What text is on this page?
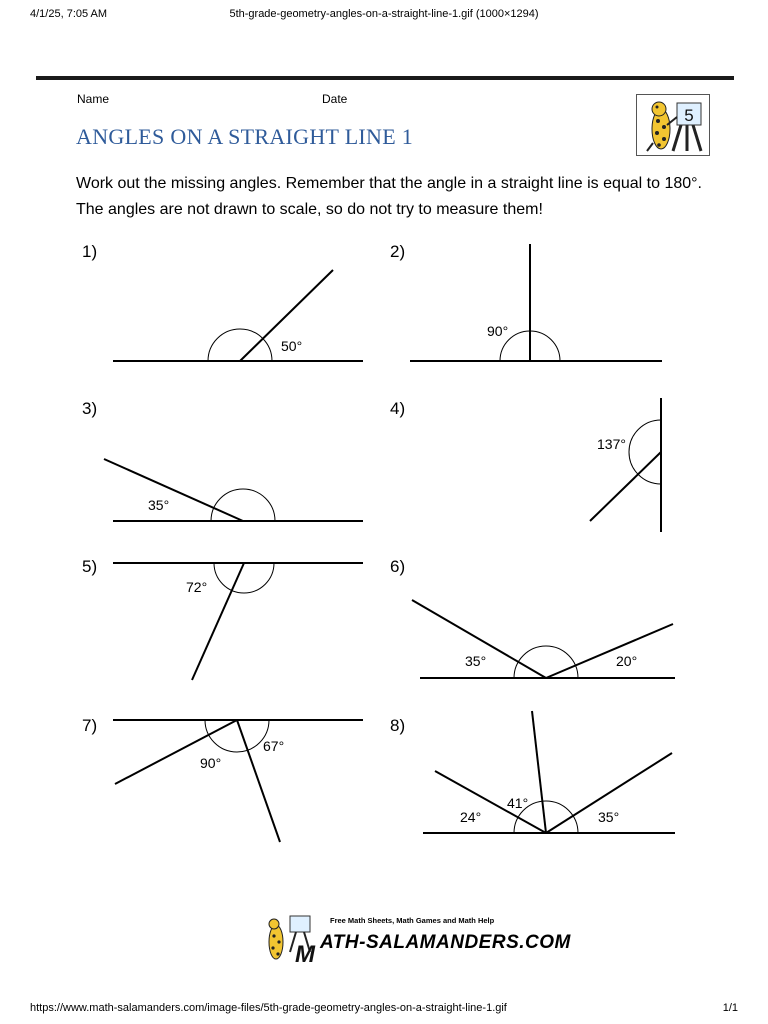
4/1/25, 7:05 AM	5th-grade-geometry-angles-on-a-straight-line-1.gif (1000×1294)
Name	Date
5
ANGLES ON A STRAIGHT LINE 1

Work out the missing angles. Remember that the angle in a straight line is equal to 180°. The angles are not drawn to scale, so do not try to measure them!

1)	2)
3)	4)
5)	6)
7)	8)
50°
90°
35°
137°
72°
35°	20°
90°
67°
24°
41°
35°
M
Free Math Sheets, Math Games and Math Help
ATH-SALAMANDERS.COM
https://www.math-salamanders.com/image-files/5th-grade-geometry-angles-on-a-straight-line-1.gif	1/1
